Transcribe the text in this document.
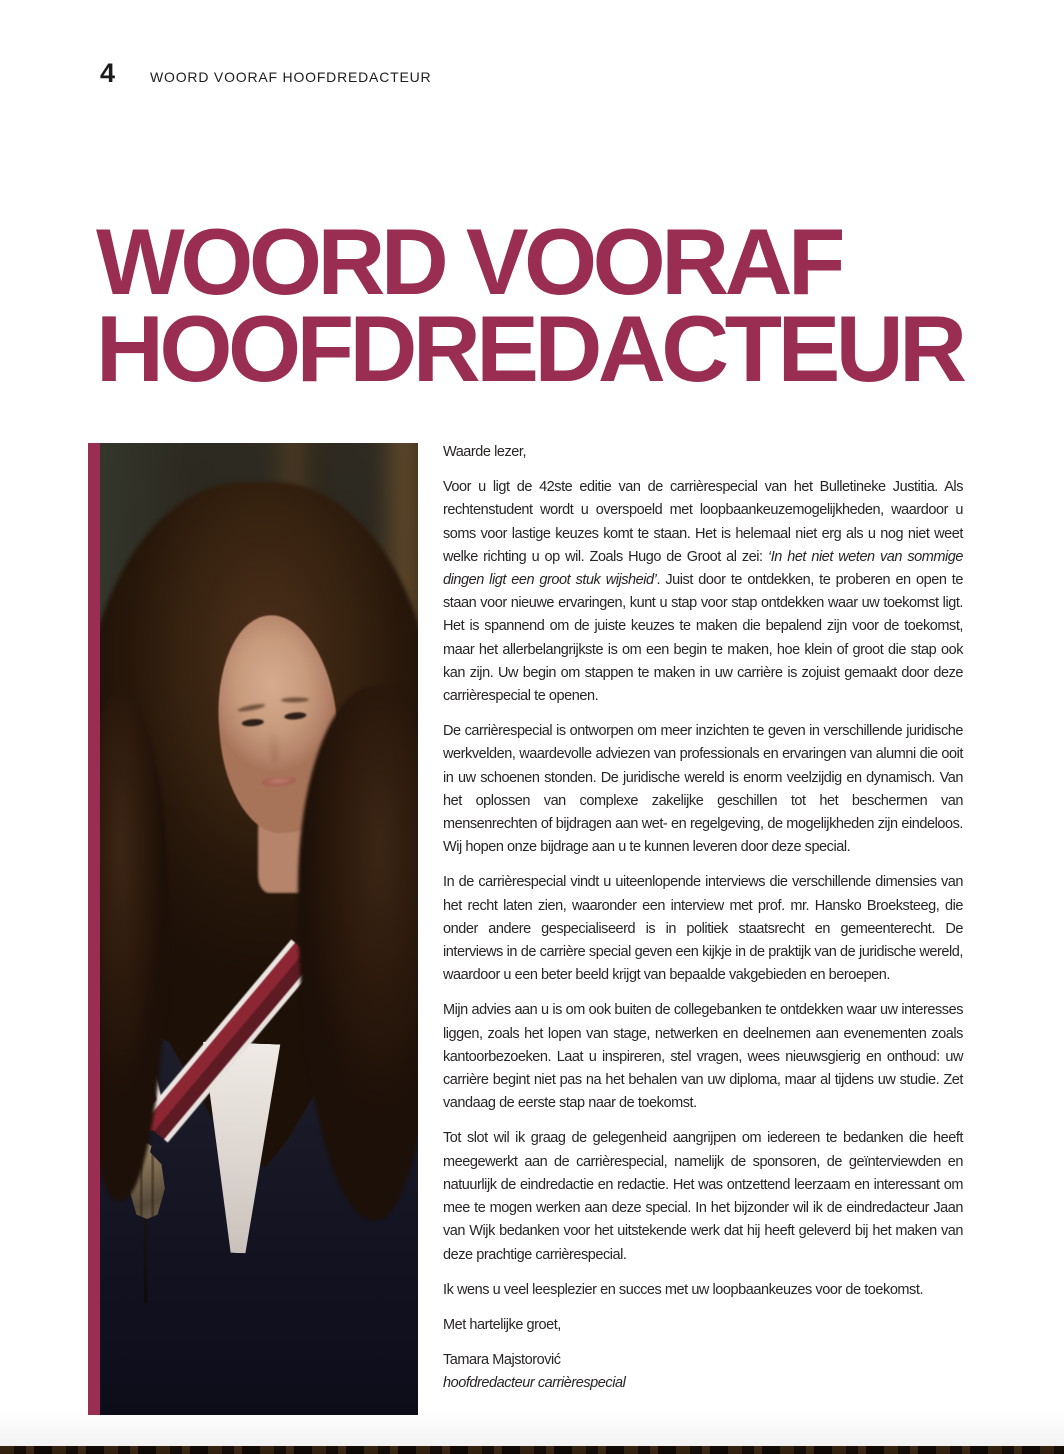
4	WOORD VOORAF HOOFDREDACTEUR
WOORD VOORAF
HOOFDREDACTEUR

Waarde lezer,

Voor u ligt de 42ste editie van de carrièrespecial van het Bulletineke Justitia. Als rechtenstudent wordt u overspoeld met loopbaankeuzemogelijkheden, waardoor u soms voor lastige keuzes komt te staan. Het is helemaal niet erg als u nog niet weet welke richting u op wil. Zoals Hugo de Groot al zei: ‘In het niet weten van sommige dingen ligt een groot stuk wijsheid’. Juist door te ontdekken, te proberen en open te staan voor nieuwe ervaringen, kunt u stap voor stap ontdekken waar uw toekomst ligt. Het is spannend om de juiste keuzes te maken die bepalend zijn voor de toekomst, maar het allerbelangrijkste is om een begin te maken, hoe klein of groot die stap ook kan zijn. Uw begin om stappen te maken in uw carrière is zojuist gemaakt door deze carrièrespecial te openen.

De carrièrespecial is ontworpen om meer inzichten te geven in verschillende juridische werkvelden, waardevolle adviezen van professionals en ervaringen van alumni die ooit in uw schoenen stonden. De juridische wereld is enorm veelzijdig en dynamisch. Van het oplossen van complexe zakelijke geschillen tot het beschermen van mensenrechten of bijdragen aan wet- en regelgeving, de mogelijkheden zijn eindeloos. Wij hopen onze bijdrage aan u te kunnen leveren door deze special.

In de carrièrespecial vindt u uiteenlopende interviews die verschillende dimensies van het recht laten zien, waaronder een interview met prof. mr. Hansko Broeksteeg, die onder andere gespecialiseerd is in politiek staatsrecht en gemeenterecht. De interviews in de carrière special geven een kijkje in de praktijk van de juridische wereld, waardoor u een beter beeld krijgt van bepaalde vakgebieden en beroepen.

Mijn advies aan u is om ook buiten de collegebanken te ontdekken waar uw interesses liggen, zoals het lopen van stage, netwerken en deelnemen aan evenementen zoals kantoorbezoeken. Laat u inspireren, stel vragen, wees nieuwsgierig en onthoud: uw carrière begint niet pas na het behalen van uw diploma, maar al tijdens uw studie. Zet vandaag de eerste stap naar de toekomst.

Tot slot wil ik graag de gelegenheid aangrijpen om iedereen te bedanken die heeft meegewerkt aan de carrièrespecial, namelijk de sponsoren, de geïnterviewden en natuurlijk de eindredactie en redactie. Het was ontzettend leerzaam en interessant om mee te mogen werken aan deze special. In het bijzonder wil ik de eindredacteur Jaan van Wijk bedanken voor het uitstekende werk dat hij heeft geleverd bij het maken van deze prachtige carrièrespecial.

Ik wens u veel leesplezier en succes met uw loopbaankeuzes voor de toekomst.

Met hartelijke groet,

Tamara Majstorović

hoofdredacteur carrièrespecial
